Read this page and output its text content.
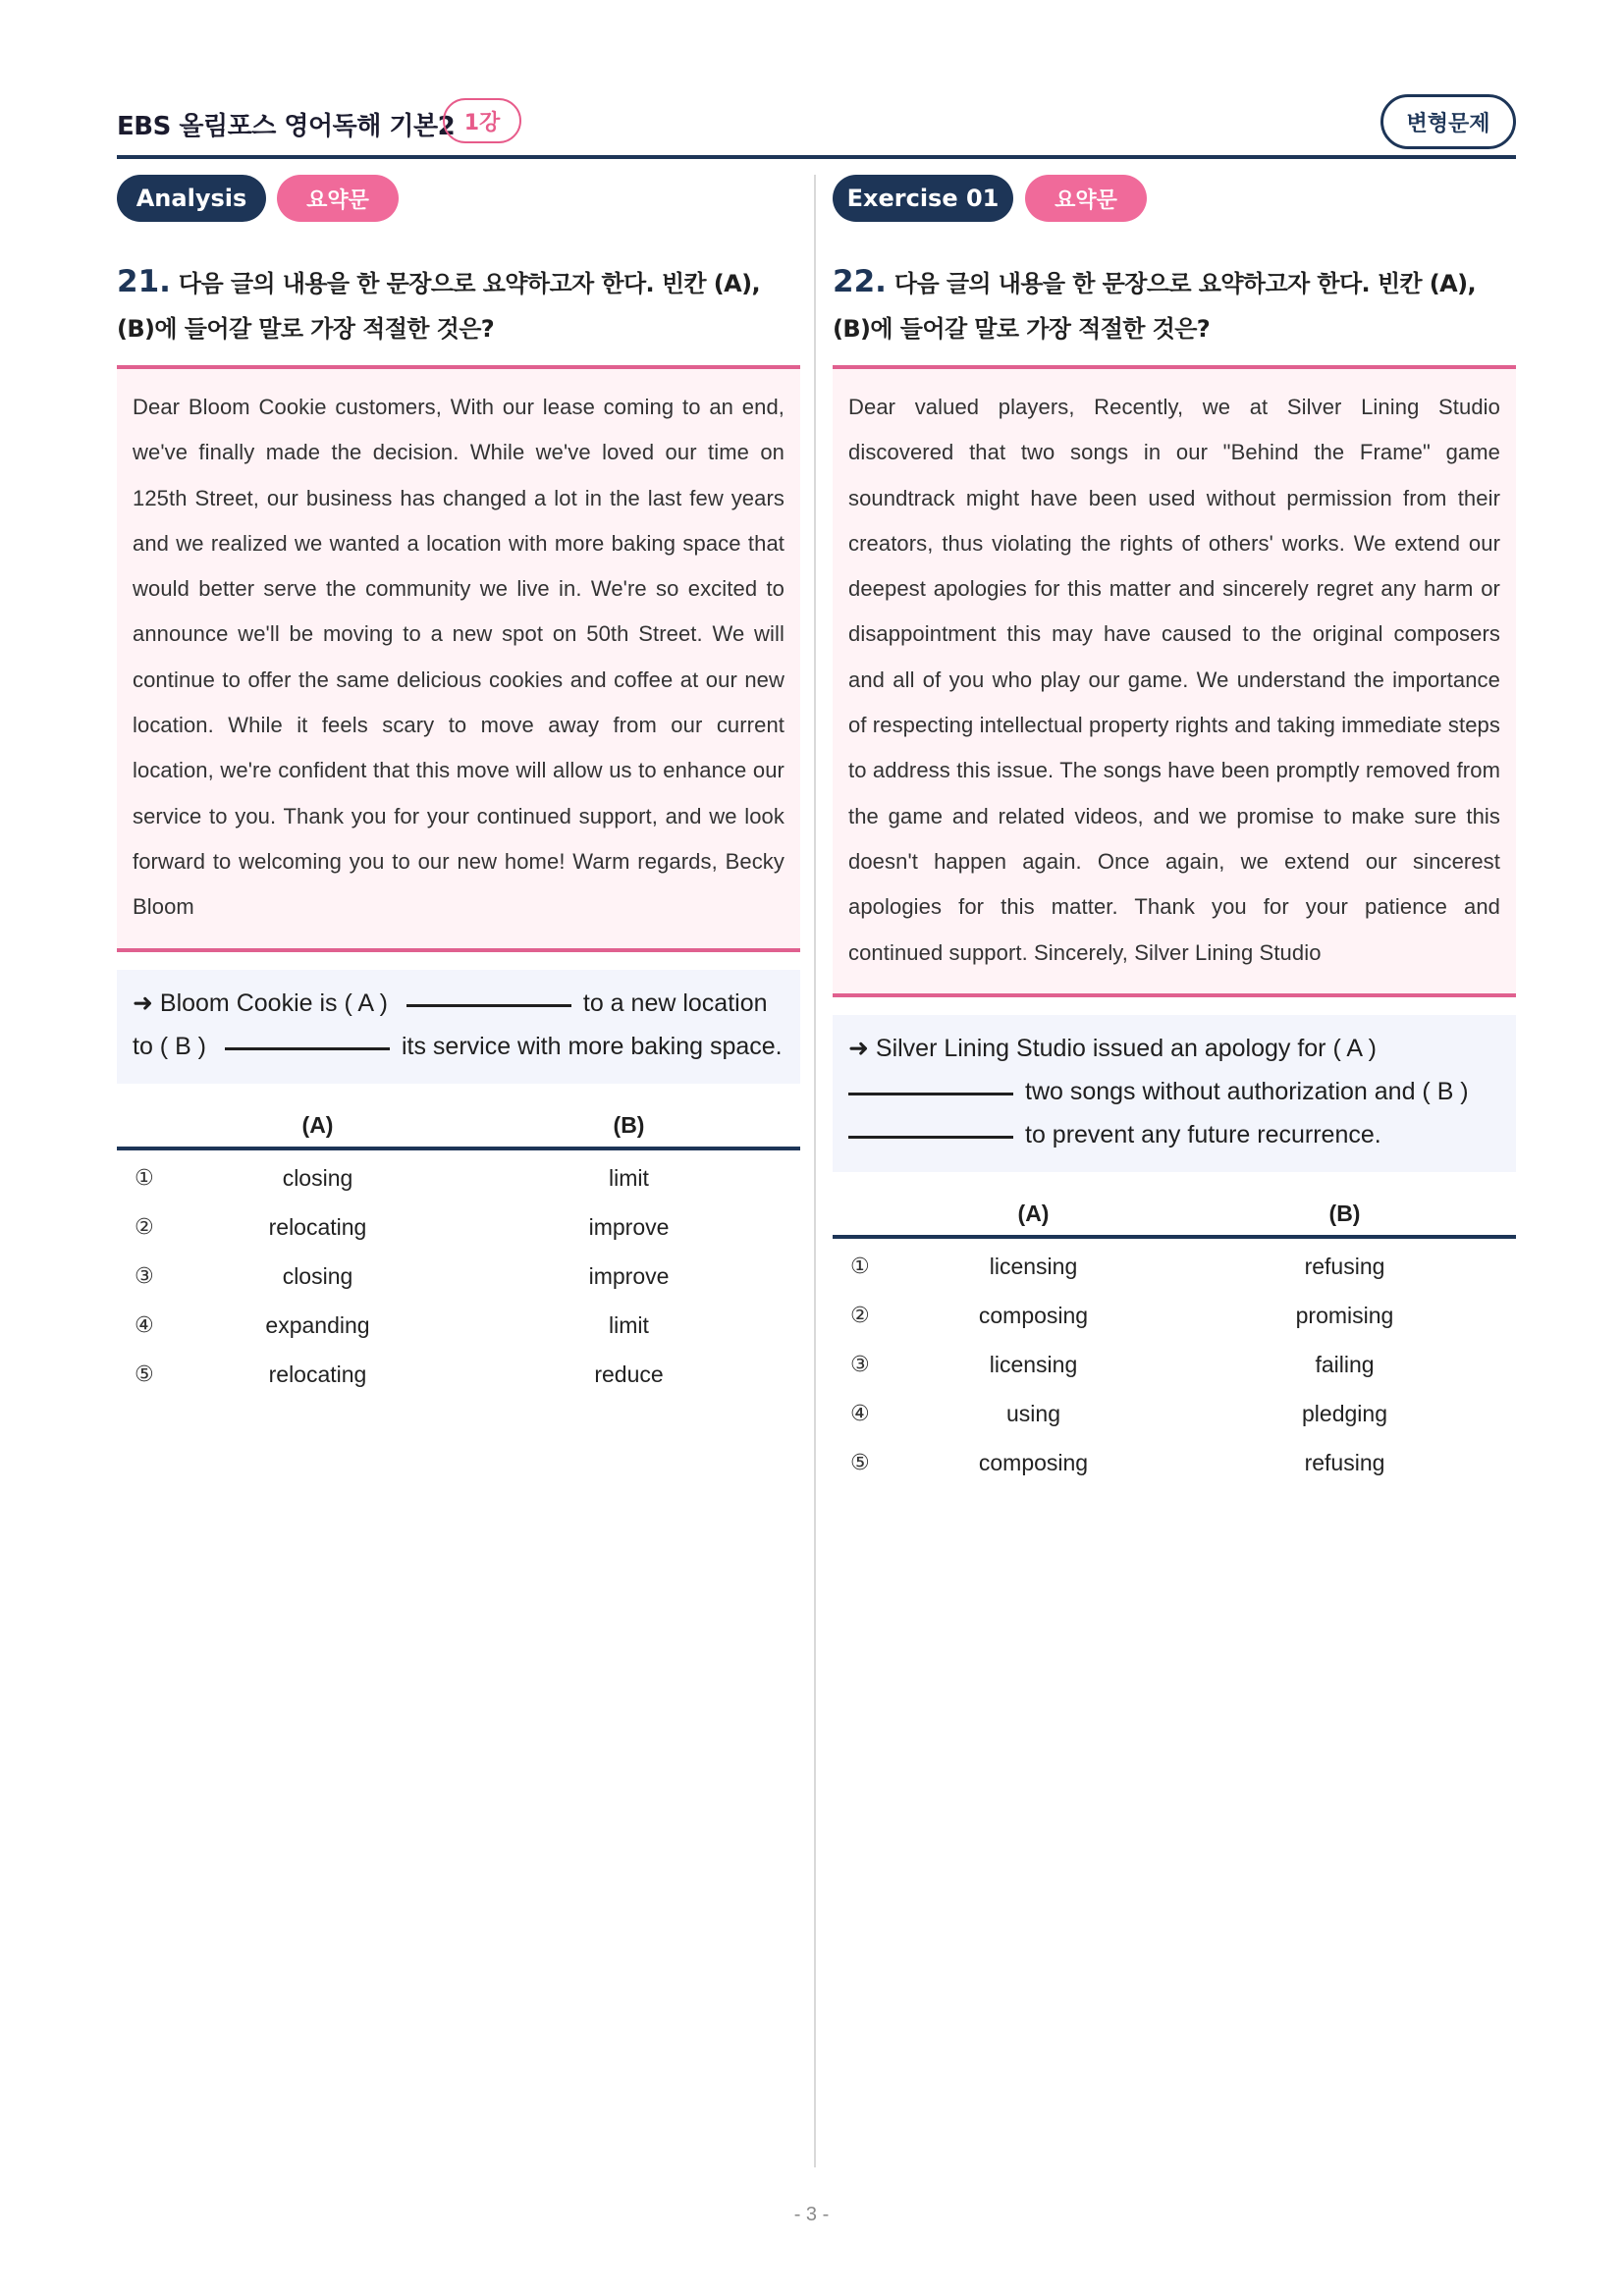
EBS 올림포스 영어독해 기본2 1강	변형문제
Analysis	요약문
21. 다음 글의 내용을 한 문장으로 요약하고자 한다. 빈칸 (A), (B)에 들어갈 말로 가장 적절한 것은?
Dear Bloom Cookie customers, With our lease coming to an end, we've finally made the decision. While we've loved our time on 125th Street, our business has changed a lot in the last few years and we realized we wanted a location with more baking space that would better serve the community we live in. We're so excited to announce we'll be moving to a new spot on 50th Street. We will continue to offer the same delicious cookies and coffee at our new location. While it feels scary to move away from our current location, we're confident that this move will allow us to enhance our service to you. Thank you for your continued support, and we look forward to welcoming you to our new home! Warm regards, Becky Bloom
➜ Bloom Cookie is ( A )	to a new location to ( B )	its service with more baking space.
(A)	(B)
①	closing	limit
②	relocating	improve
③	closing	improve
④	expanding	limit
⑤	relocating	reduce
Exercise 01	요약문
22. 다음 글의 내용을 한 문장으로 요약하고자 한다. 빈칸 (A), (B)에 들어갈 말로 가장 적절한 것은?
Dear valued players, Recently, we at Silver Lining Studio discovered that two songs in our "Behind the Frame" game soundtrack might have been used without permission from their creators, thus violating the rights of others' works. We extend our deepest apologies for this matter and sincerely regret any harm or disappointment this may have caused to the original composers and all of you who play our game. We understand the importance of respecting intellectual property rights and taking immediate steps to address this issue. The songs have been promptly removed from the game and related videos, and we promise to make sure this doesn't happen again. Once again, we extend our sincerest apologies for this matter. Thank you for your patience and continued support. Sincerely, Silver Lining Studio
➜ Silver Lining Studio issued an apology for ( A )
two songs without authorization and ( B )
to prevent any future recurrence.
(A)	(B)
①	licensing	refusing
②	composing	promising
③	licensing	failing
④	using	pledging
⑤	composing	refusing
- 3 -
